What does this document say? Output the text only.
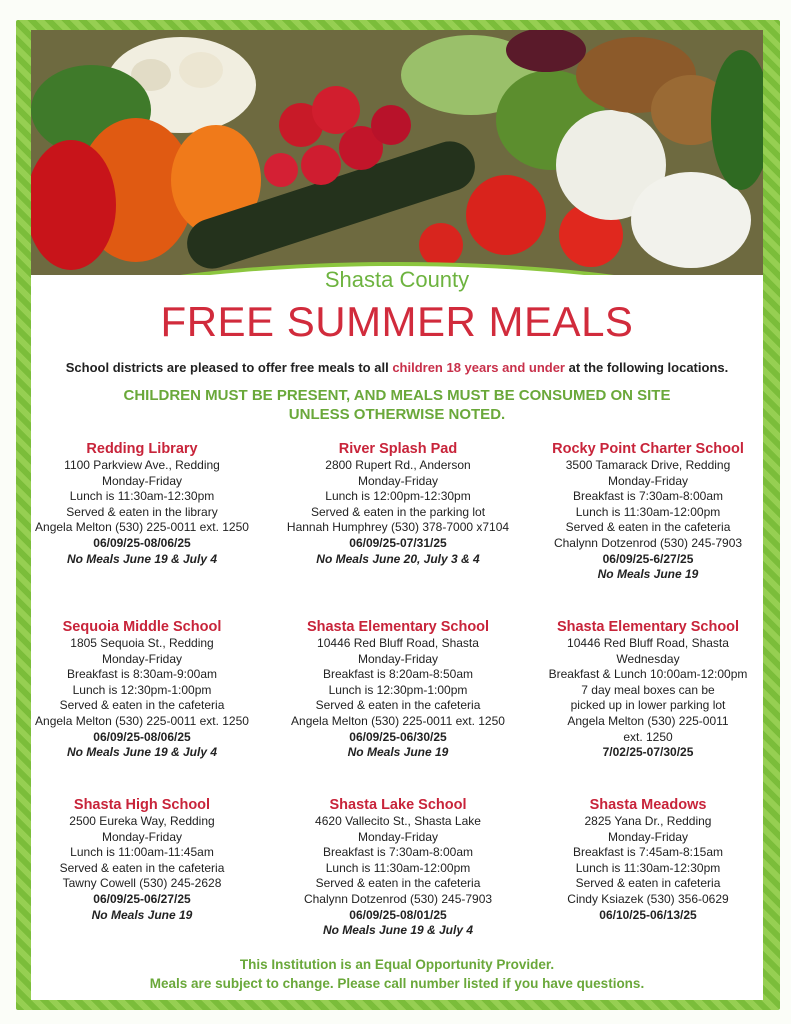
Shasta County
FREE SUMMER MEALS
School districts are pleased to offer free meals to all children 18 years and under at the following locations.
CHILDREN MUST BE PRESENT, AND MEALS MUST BE CONSUMED ON SITE
UNLESS OTHERWISE NOTED.
Redding Library
1100 Parkview Ave., Redding
Monday-Friday
Lunch is 11:30am-12:30pm
Served & eaten in the library
Angela Melton (530) 225-0011 ext. 1250
06/09/25-08/06/25
No Meals June 19 & July 4
River Splash Pad
2800 Rupert Rd., Anderson
Monday-Friday
Lunch is 12:00pm-12:30pm
Served & eaten in the parking lot
Hannah Humphrey (530) 378-7000 x7104
06/09/25-07/31/25
No Meals June 20, July 3 & 4
Rocky Point Charter School
3500 Tamarack Drive, Redding
Monday-Friday
Breakfast is 7:30am-8:00am
Lunch is 11:30am-12:00pm
Served & eaten in the cafeteria
Chalynn Dotzenrod (530) 245-7903
06/09/25-6/27/25
No Meals June 19
Sequoia Middle School
1805 Sequoia St., Redding
Monday-Friday
Breakfast is 8:30am-9:00am
Lunch is 12:30pm-1:00pm
Served & eaten in the cafeteria
Angela Melton (530) 225-0011 ext. 1250
06/09/25-08/06/25
No Meals June 19 & July 4
Shasta Elementary School
10446 Red Bluff Road, Shasta
Monday-Friday
Breakfast is 8:20am-8:50am
Lunch is 12:30pm-1:00pm
Served & eaten in the cafeteria
Angela Melton (530) 225-0011 ext. 1250
06/09/25-06/30/25
No Meals June 19
Shasta Elementary School
10446 Red Bluff Road, Shasta
Wednesday
Breakfast & Lunch 10:00am-12:00pm
7 day meal boxes can be
picked up in lower parking lot
Angela Melton (530) 225-0011
ext. 1250
7/02/25-07/30/25
Shasta High School
2500 Eureka Way, Redding
Monday-Friday
Lunch is 11:00am-11:45am
Served & eaten in the cafeteria
Tawny Cowell (530) 245-2628
06/09/25-06/27/25
No Meals June 19
Shasta Lake School
4620 Vallecito St., Shasta Lake
Monday-Friday
Breakfast is 7:30am-8:00am
Lunch is 11:30am-12:00pm
Served & eaten in the cafeteria
Chalynn Dotzenrod (530) 245-7903
06/09/25-08/01/25
No Meals June 19 & July 4
Shasta Meadows
2825 Yana Dr., Redding
Monday-Friday
Breakfast is 7:45am-8:15am
Lunch is 11:30am-12:30pm
Served & eaten in cafeteria
Cindy Ksiazek (530) 356-0629
06/10/25-06/13/25
This Institution is an Equal Opportunity Provider.
Meals are subject to change. Please call number listed if you have questions.
